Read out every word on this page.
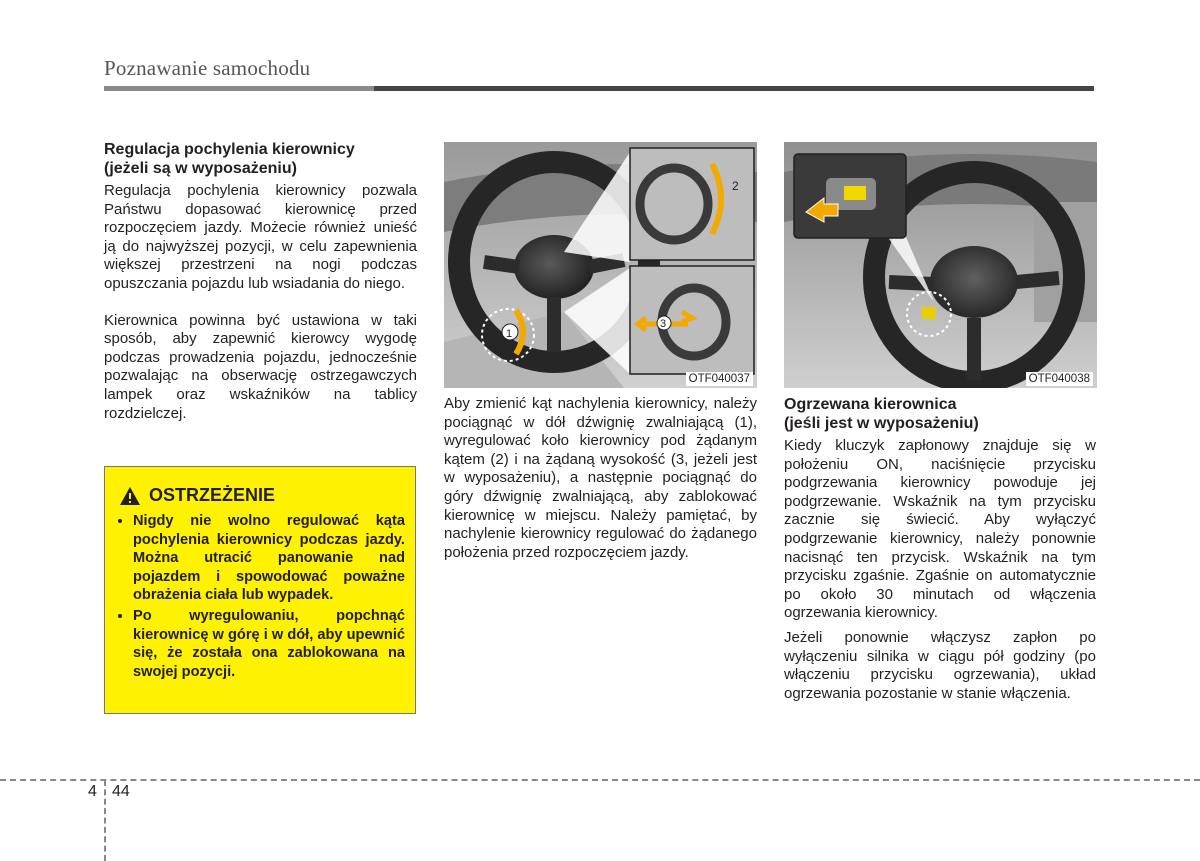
Poznawanie samochodu

Regulacja pochylenia kierownicy

(jeżeli są w wyposażeniu)

Regulacja pochylenia kierownicy pozwala Państwu dopasować kierownicę przed rozpoczęciem jazdy. Możecie również unieść ją do najwyższej pozycji, w celu zapewnienia większej przestrzeni na nogi podczas opuszczania pojazdu lub wsiadania do niego.

Kierownica powinna być ustawiona w taki sposób, aby zapewnić kierowcy wygodę podczas prowadzenia pojazdu, jednocześnie pozwalając na obserwację ostrzegawczych lampek oraz wskaźników na tablicy rozdzielczej.

OSTRZEŻENIE
• Nigdy nie wolno regulować kąta pochylenia kierownicy podczas jazdy. Można utracić panowanie nad pojazdem i spowodować poważne obrażenia ciała lub wypadek.
• Po wyregulowaniu, popchnąć kierownicę w górę i w dół, aby upewnić się, że została ona zablokowana na swojej pozycji.
1
2
3
OTF040037	OTF040038

Aby zmienić kąt nachylenia kierownicy, należy pociągnąć w dół dźwignię zwalniającą (1), wyregulować koło kierownicy pod żądanym kątem (2) i na żądaną wysokość (3, jeżeli jest w wyposażeniu), a następnie pociągnąć do góry dźwignię zwalniającą, aby zablokować kierownicę w miejscu. Należy pamiętać, by nachylenie kierownicy regulować do żądanego położenia przed rozpoczęciem jazdy.

Ogrzewana kierownica

(jeśli jest w wyposażeniu)

Kiedy kluczyk zapłonowy znajduje się w położeniu ON, naciśnięcie przycisku podgrzewania kierownicy powoduje jej podgrzewanie. Wskaźnik na tym przycisku zacznie się świecić. Aby wyłączyć podgrzewanie kierownicy, należy ponownie nacisnąć ten przycisk. Wskaźnik na tym przycisku zgaśnie. Zgaśnie on automatycznie po około 30 minutach od włączenia ogrzewania kierownicy.

Jeżeli ponownie włączysz zapłon po wyłączeniu silnika w ciągu pół godziny (po włączeniu przycisku ogrzewania), układ ogrzewania pozostanie w stanie włączenia.

4 44
